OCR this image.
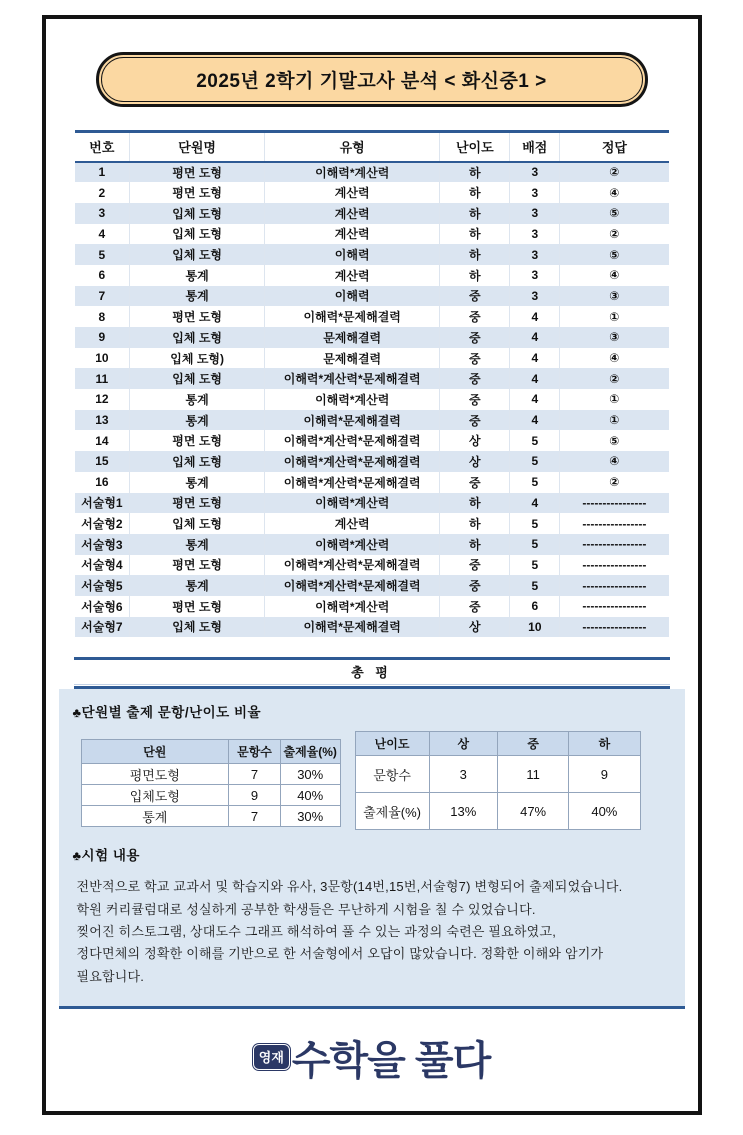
2025년 2학기 기말고사 분석 < 화신중1 >
번호	단원명	유형	난이도	배점	정답
1	평면 도형	이해력*계산력	하	3	②
2	평면 도형	계산력	하	3	④
3	입체 도형	계산력	하	3	⑤
4	입체 도형	계산력	하	3	②
5	입체 도형	이해력	하	3	⑤
6	통계	계산력	하	3	④
7	통계	이해력	중	3	③
8	평면 도형	이해력*문제해결력	중	4	①
9	입체 도형	문제해결력	중	4	③
10	입체 도형)	문제해결력	중	4	④
11	입체 도형	이해력*계산력*문제해결력	중	4	②
12	통계	이해력*계산력	중	4	①
13	통계	이해력*문제해결력	중	4	①
14	평면 도형	이해력*계산력*문제해결력	상	5	⑤
15	입체 도형	이해력*계산력*문제해결력	상	5	④
16	통계	이해력*계산력*문제해결력	중	5	②
서술형1	평면 도형	이해력*계산력	하	4	----------------
서술형2	입체 도형	계산력	하	5	----------------
서술형3	통계	이해력*계산력	하	5	----------------
서술형4	평면 도형	이해력*계산력*문제해결력	중	5	----------------
서술형5	통계	이해력*계산력*문제해결력	중	5	----------------
서술형6	평면 도형	이해력*계산력	중	6	----------------
서술형7	입체 도형	이해력*문제해결력	상	10	----------------
총 평
♣단원별 출제 문항/난이도 비율
단원	문항수	출제율(%)
평면도형	7	30%
입체도형	9	40%
통계	7	30%
난이도	상	중	하
문항수	3	11	9
출제율(%)	13%	47%	40%
♣시험 내용
전반적으로 학교 교과서 및 학습지와 유사, 3문항(14번,15번,서술형7) 변형되어 출제되었습니다.
학원 커리큘럼대로 성실하게 공부한 학생들은 무난하게 시험을 칠 수 있었습니다.
찢어진 히스토그램, 상대도수 그래프 해석하여 풀 수 있는 과정의 숙련은 필요하였고,
정다면체의 정확한 이해를 기반으로 한 서술형에서 오답이 많았습니다. 정확한 이해와 암기가
필요합니다.
영재 수학을 풀다
